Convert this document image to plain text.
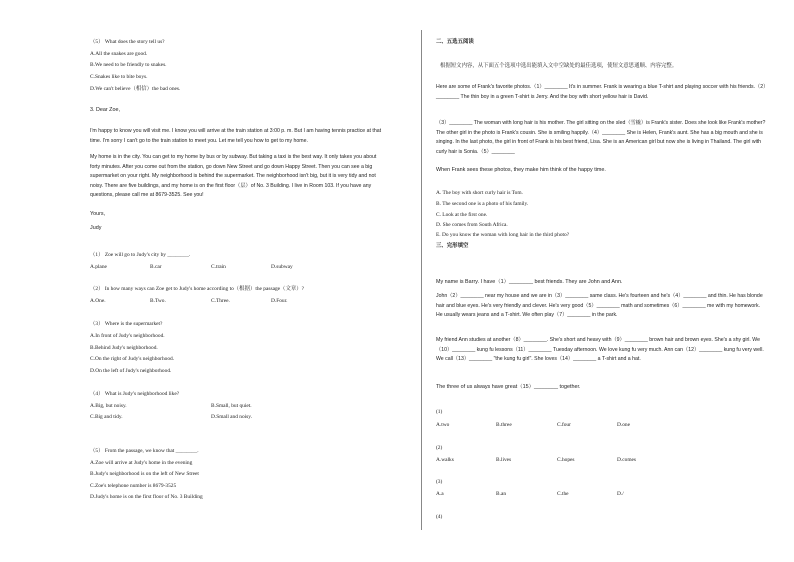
（5） What does the story tell us?
A.All the snakes are good.
B.We need to be friendly to snakes.
C.Snakes like to bite boys.
D.We can't believe（相信）the bad ones.
3. Dear Zoe,
I'm happy to know you will visit me. I know you will arrive at the train station at 3:00 p. m. But I am having tennis practice at that time. I'm sorry I can't go to the train station to meet you. Let me tell you how to get to my home.
My home is in the city. You can get to my home by bus or by subway. But taking a taxi is the best way. It only takes you about forty minutes. After you come out from the station, go down New Street and go down Happy Street. Then you can see a big supermarket on your right. My neighborhood is behind the supermarket. The neighborhood isn't big, but it is very tidy and not noisy. There are five buildings, and my home is on the first floor（层）of No. 3 Building. I live in Room 103. If you have any questions, please call me at 8679-3525. See you!
Yours,
Judy
（1） Zoe will go to Judy's city by ________.
A.plane	B.car	C.train	D.subway
（2） In how many ways can Zoe get to Judy's home according to（根据）the passage（文章）?
A.One.	B.Two.	C.Three.	D.Four.
（3） Where is the supermarket?
A.In front of Judy's neighborhood.
B.Behind Judy's neighborhood.
C.On the right of Judy's neighborhood.
D.On the left of Judy's neighborhood.
（4） What is Judy's neighborhood like?
A.Big, but noisy.	B.Small, but quiet.
C.Big and tidy.	D.Small and noisy.
（5） From the passage, we know that ________.
A.Zoe will arrive at Judy's home in the evening
B.Judy's neighborhood is on the left of New Street
C.Zoe's telephone number is 8679-3525
D.Judy's home is on the first floor of No. 3 Building
二、五选五阅读
根据短文内容，从下面五个选项中选出能填入文中空缺处的最佳选项，使短文意思通顺、内容完整。
Here are some of Frank's favorite photos.（1）________ It's in summer. Frank is wearing a blue T-shirt and playing soccer with his friends.（2）________ The thin boy in a green T-shirt is Jerry. And the boy with short yellow hair is David.
（3）________ The woman with long hair is his mother. The girl sitting on the sled（雪橇）is Frank's sister. Does she look like Frank's mother? The other girl in the photo is Frank's cousin. She is smiling happily.（4）________ She is Helen, Frank's aunt. She has a big mouth and she is singing. In the last photo, the girl in front of Frank is his best friend, Lisa. She is an American girl but now she is living in Thailand. The girl with curly hair is Sonia.（5）________
When Frank sees these photos, they make him think of the happy time.
A. The boy with short curly hair is Tom.
B. The second one is a photo of his family.
C. Look at the first one.
D. She comes from South Africa.
E. Do you know the woman with long hair in the third photo?
三、完形填空
My name is Barry. I have（1）________ best friends. They are John and Ann.
John（2）________ near my house and we are in（3）________ same class. He's fourteen and he's（4）________ and thin. He has blonde hair and blue eyes. He's very friendly and clever. He's very good（5）________ math and sometimes（6）________ me with my homework. He usually wears jeans and a T-shirt. We often play（7）________ in the park.
My friend Ann studies at another（8）________. She's short and heavy with（9）________ brown hair and brown eyes. She's a shy girl. We（10）________ kung fu lessons（11）________ Tuesday afternoon. We love kung fu very much. Ann can（12）________ kung fu very well. We call（13）________ "the kung fu girl". She loves（14）________ a T-shirt and a hat.
The three of us always have great（15）________ together.
(1)
A.two	B.three	C.four	D.one
(2)
A.walks	B.lives	C.hopes	D.comes
(3)
A.a	B.an	C.the	D./
(4)
